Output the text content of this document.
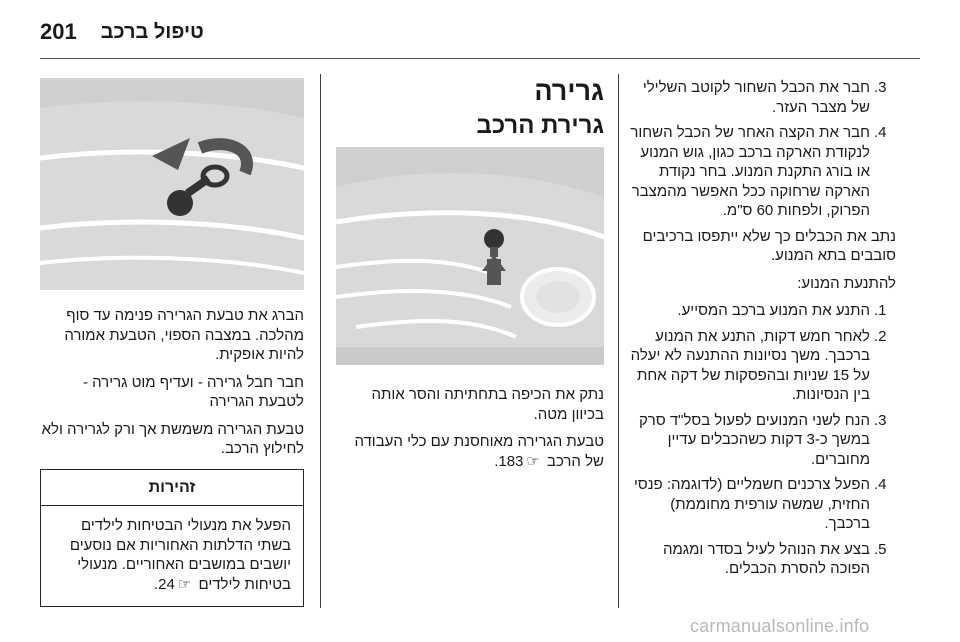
201 טיפול ברכב
.3
חבר את הכבל השחור לקוטב השלילי של מצבר העזר.
.4
חבר את הקצה האחר של הכבל השחור לנקודת הארקה ברכב כגון, גוש המנוע או בורג התקנת המנוע. בחר נקודת הארקה שרחוקה ככל האפשר מהמצבר הפרוק, ולפחות 60 ס"מ.

נתב את הכבלים כך שלא ייתפסו ברכיבים סובבים בתא המנוע.

להתנעת המנוע:

.1
התנע את המנוע ברכב המסייע.
.2
לאחר חמש דקות, התנע את המנוע ברכבך. משך נסיונות ההתנעה לא יעלה על 15 שניות ובהפסקות של דקה אחת בין הנסיונות.
.3
הנח לשני המנועים לפעול בסל"ד סרק במשך כ-3 דקות כשהכבלים עדיין מחוברים.
.4
הפעל צרכנים חשמליים (לדוגמה: פנסי החזית, שמשה עורפית מחוממת) ברכבך.
.5
בצע את הנוהל לעיל בסדר ומגמה הפוכה להסרת הכבלים.
גרירה
גרירת הרכב

נתק את הכיפה בתחתיתה והסר אותה בכיוון מטה.

טבעת הגרירה מאוחסנת עם כלי העבודה של הרכב ☞183.

הברג את טבעת הגרירה פנימה עד סוף מהלכה. במצבה הספוי, הטבעת אמורה להיות אופקית.

חבר חבל גרירה - ועדיף מוט גרירה - לטבעת הגרירה

טבעת הגרירה משמשת אך ורק לגרירה ולא לחילוץ הרכב.

זהירות
הפעל את מנעולי הבטיחות לילדים בשתי הדלתות האחוריות אם נוסעים יושבים במושבים האחוריים. מנעולי בטיחות לילדים ☞24.
carmanualsonline.info
